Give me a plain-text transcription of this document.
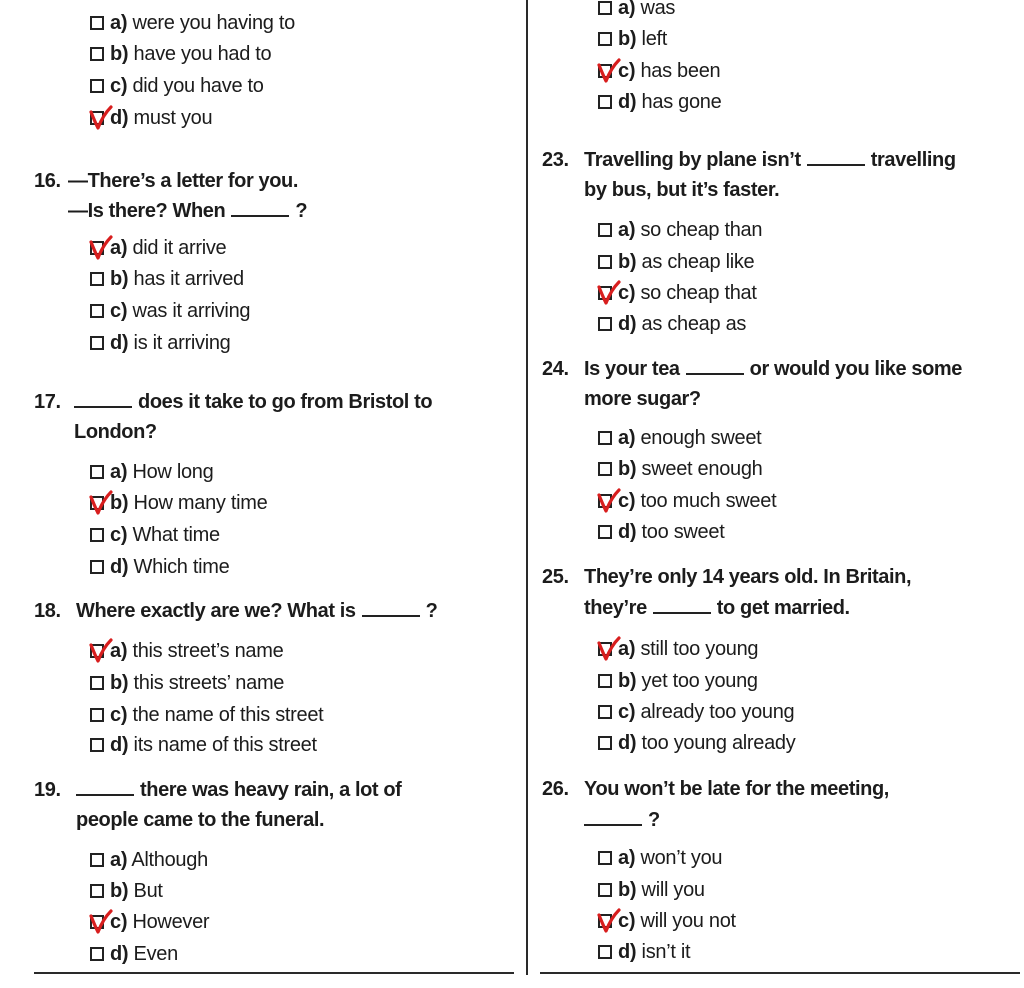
a) were you having to
b) have you had to
c) did you have to
d) must you
16. —There’s a letter for you.
—Is there? When	?
a) did it arrive
b) has it arrived
c) was it arriving
d) is it arriving
17.	does it take to go from Bristol to
London?
a) How long
b) How many time
c) What time
d) Which time
18. Where exactly are we? What is	?
a) this street’s name
b) this streets’ name
c) the name of this street
d) its name of this street
19.	there was heavy rain, a lot of
people came to the funeral.
a) Although
b) But
c) However
d) Even
a) was
b) left
c) has been
d) has gone
23. Travelling by plane isn’t	travelling
by bus, but it’s faster.
a) so cheap than
b) as cheap like
c) so cheap that
d) as cheap as
24. Is your tea	or would you like some
more sugar?
a) enough sweet
b) sweet enough
c) too much sweet
d) too sweet
25. They’re only 14 years old. In Britain,
they’re	to get married.
a) still too young
b) yet too young
c) already too young
d) too young already
26. You won’t be late for the meeting,
?
a) won’t you
b) will you
c) will you not
d) isn’t it
